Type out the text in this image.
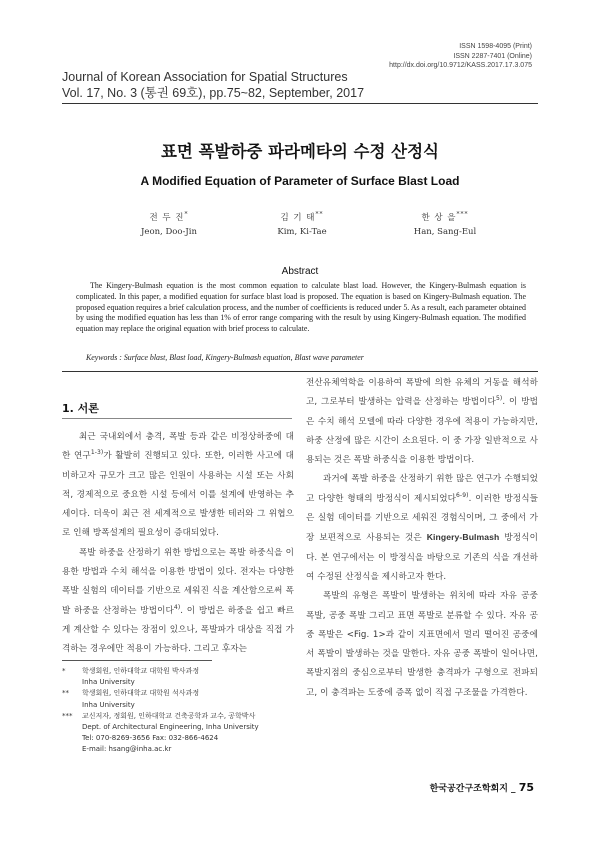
ISSN 1598-4095 (Print)
ISSN 2287-7401 (Online)
http://dx.doi.org/10.9712/KASS.2017.17.3.075
Journal of Korean Association for Spatial Structures
Vol. 17, No. 3 (통권 69호), pp.75~82, September, 2017
표면 폭발하중 파라메타의 수정 산정식
A Modified Equation of Parameter of Surface Blast Load
전 두 진*
Jeon, Doo-Jin
김 기 태**
Kim, Ki-Tae
한 상 을***
Han, Sang-Eul
Abstract
The Kingery-Bulmash equation is the most common equation to calculate blast load. However, the Kingery-Bulmash equation is complicated. In this paper, a modified equation for surface blast load is proposed. The equation is based on Kingery-Bulmash equation. The proposed equation requires a brief calculation process, and the number of coefficients is reduced under 5. As a result, each parameter obtained by using the modified equation has less than 1% of error range comparing with the result by using Kingery-Bulmash equation. The modified equation may replace the original equation with brief process to calculate.
Keywords : Surface blast, Blast load, Kingery-Bulmash equation, Blast wave parameter
1. 서론

최근 국내외에서 충격, 폭발 등과 같은 비정상하중에 대한 연구$^{1-3)}$가 활발히 진행되고 있다. 또한, 이러한 사고에 대비하고자 규모가 크고 많은 인원이 사용하는 시설 또는 사회적, 경제적으로 중요한 시설 등에서 이를 설계에 반영하는 추세이다. 더욱이 최근 전 세계적으로 발생한 테러와 그 위협으로 인해 방폭설계의 필요성이 증대되었다.

폭발 하중을 산정하기 위한 방법으로는 폭발 하중식을 이용한 방법과 수치 해석을 이용한 방법이 있다. 전자는 다양한 폭발 실험의 데이터를 기반으로 세워진 식을 계산함으로써 폭발 하중을 산정하는 방법이다$^{4)}$. 이 방법은 하중을 쉽고 빠르게 계산할 수 있다는 장점이 있으나, 폭발파가 대상을 직접 가격하는 경우에만 적용이 가능하다. 그리고 후자는

전산유체역학을 이용하여 폭발에 의한 유체의 거동을 해석하고, 그로부터 발생하는 압력을 산정하는 방법이다$^{5)}$. 이 방법은 수치 해석 모델에 따라 다양한 경우에 적용이 가능하지만, 하중 산정에 많은 시간이 소요된다. 이 중 가장 일반적으로 사용되는 것은 폭발 하중식을 이용한 방법이다.

과거에 폭발 하중을 산정하기 위한 많은 연구가 수행되었고 다양한 형태의 방정식이 제시되었다$^{6-9)}$. 이러한 방정식들은 실험 데이터를 기반으로 세워진 경험식이며, 그 중에서 가장 보편적으로 사용되는 것은 Kingery-Bulmash 방정식이다. 본 연구에서는 이 방정식을 바탕으로 기존의 식을 개선하여 수정된 산정식을 제시하고자 한다.

폭발의 유형은 폭발이 발생하는 위치에 따라 자유 공중 폭발, 공중 폭발 그리고 표면 폭발로 분류할 수 있다. 자유 공중 폭발은 <Fig. 1>과 같이 지표면에서 멀리 떨어진 공중에서 폭발이 발생하는 것을 말한다. 자유 공중 폭발이 일어나면, 폭발지점의 중심으로부터 발생한 충격파가 구형으로 전파되고, 이 충격파는 도중에 증폭 없이 직접 구조물을 가격한다.

*	학생회원, 인하대학교 대학원 박사과정
Inha University
**	학생회원, 인하대학교 대학원 석사과정
Inha University
***	교신저자, 정회원, 인하대학교 건축공학과 교수, 공학박사
Dept. of Architectural Engineering, Inha University
Tel: 070-8269-3656 Fax: 032-866-4624
E-mail: hsang@inha.ac.kr
한국공간구조학회지 _ 75
